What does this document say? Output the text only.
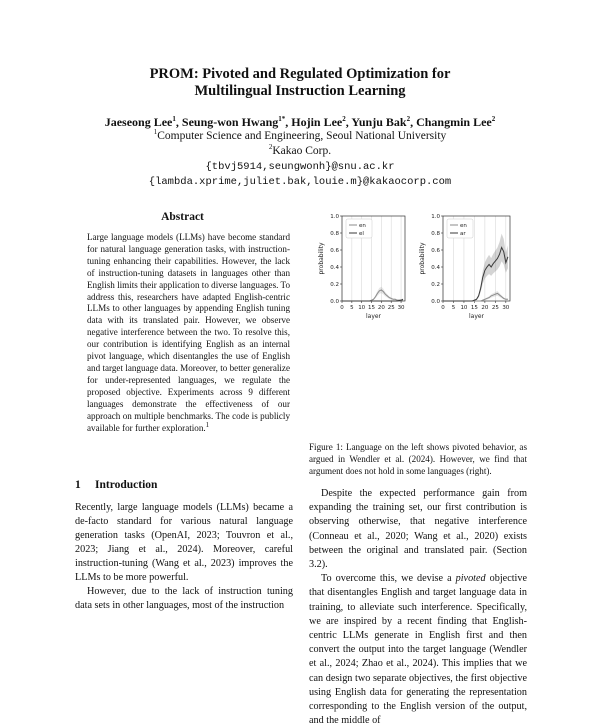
PROM: Pivoted and Regulated Optimization for
Multilingual Instruction Learning
Jaeseong Lee$^1$, Seung-won Hwang$^{1*}$, Hojin Lee$^2$, Yunju Bak$^2$, Changmin Lee$^2$
$^1$Computer Science and Engineering, Seoul National University
$^2$Kakao Corp.
{tbvj5914,seungwonh}@snu.ac.kr
{lambda.xprime,juliet.bak,louie.m}@kakaocorp.com
Abstract
Large language models (LLMs) have become standard for natural language generation tasks, with instruction-tuning enhancing their capabilities. However, the lack of instruction-tuning datasets in languages other than English limits their application to diverse languages. To address this, researchers have adapted English-centric LLMs to other languages by appending English tuning data with its translated pair. However, we observe negative interference between the two. To resolve this, our contribution is identifying English as an internal pivot language, which disentangles the use of English and target language data. Moreover, to better generalize for under-represented languages, we regulate the proposed objective. Experiments across 9 different languages demonstrate the effectiveness of our approach on multiple benchmarks. The code is publicly available for further exploration.$^1$
1 Introduction

Recently, large language models (LLMs) became a de-facto standard for various natural language generation tasks (OpenAI, 2023; Touvron et al., 2023; Jiang et al., 2024). Moreover, careful instruction-tuning (Wang et al., 2023) improves the LLMs to be more powerful.

However, due to the lack of instruction tuning data sets in other languages, most of the instruction

0.0
0.2
0.4
0.6
0.8
1.0
0 5 10 15 20 25 30
layer
probability
en
el
0.0
0.2
0.4
0.6
0.8
1.0
0 5 10 15 20 25 30
layer
probability
en
ar
Figure 1: Language on the left shows pivoted behavior, as argued in Wendler et al. (2024). However, we find that argument does not hold in some languages (right).

Despite the expected performance gain from expanding the training set, our first contribution is observing otherwise, that negative interference (Conneau et al., 2020; Wang et al., 2020) exists between the original and translated pair. (Section 3.2).

To overcome this, we devise a pivoted objective that disentangles English and target language data in training, to alleviate such interference. Specifically, we are inspired by a recent finding that English-centric LLMs generate in English first and then convert the output into the target language (Wendler et al., 2024; Zhao et al., 2024). This implies that we can design two separate objectives, the first objective using English data for generating the representation corresponding to the English version of the output, and the middle of
